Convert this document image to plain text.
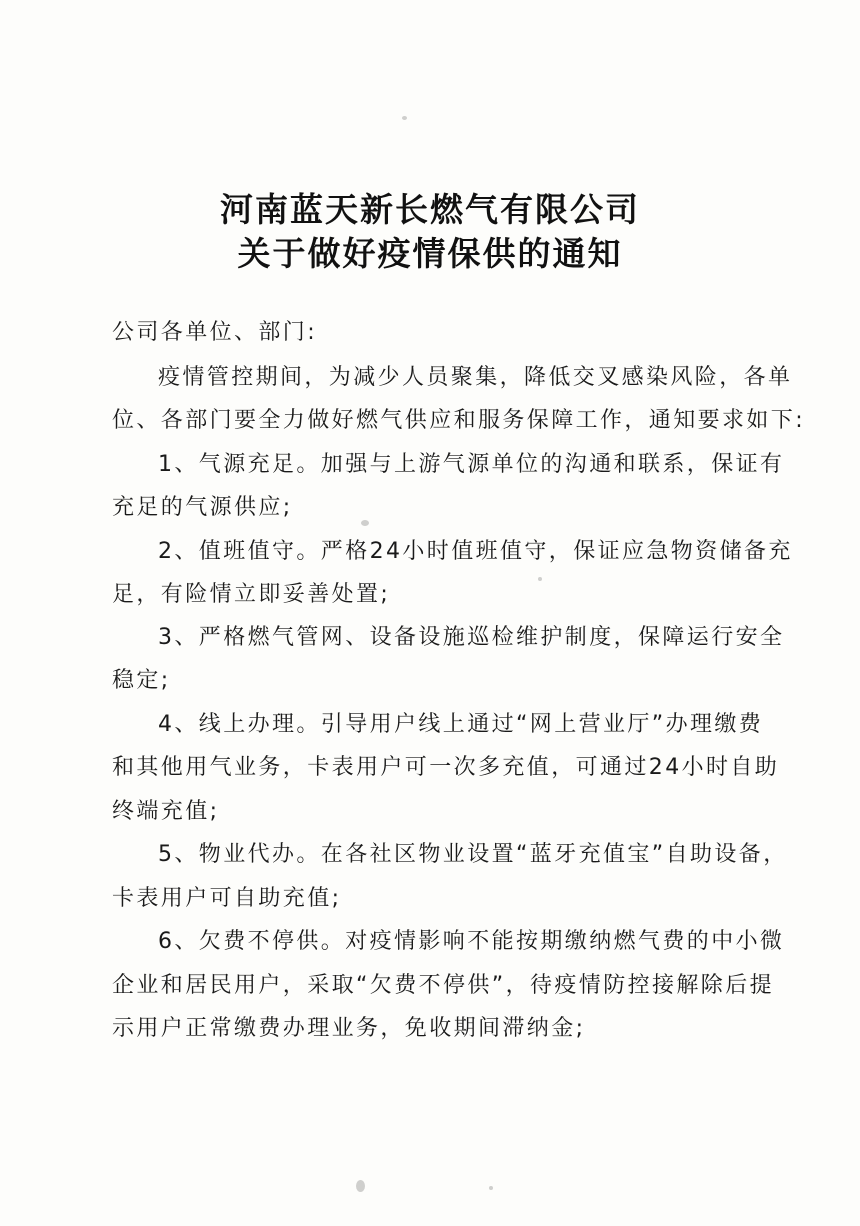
河南蓝天新长燃气有限公司
关于做好疫情保供的通知
公司各单位、部门:
疫情管控期间，为减少人员聚集，降低交叉感染风险，各单
位、各部门要全力做好燃气供应和服务保障工作，通知要求如下:
1、气源充足。加强与上游气源单位的沟通和联系，保证有
充足的气源供应;
2、值班值守。严格24小时值班值守，保证应急物资储备充
足，有险情立即妥善处置;
3、严格燃气管网、设备设施巡检维护制度，保障运行安全
稳定;
4、线上办理。引导用户线上通过“网上营业厅”办理缴费
和其他用气业务，卡表用户可一次多充值，可通过24小时自助
终端充值;
5、物业代办。在各社区物业设置“蓝牙充值宝”自助设备，
卡表用户可自助充值;
6、欠费不停供。对疫情影响不能按期缴纳燃气费的中小微
企业和居民用户，采取“欠费不停供”，待疫情防控接解除后提
示用户正常缴费办理业务，免收期间滞纳金;
